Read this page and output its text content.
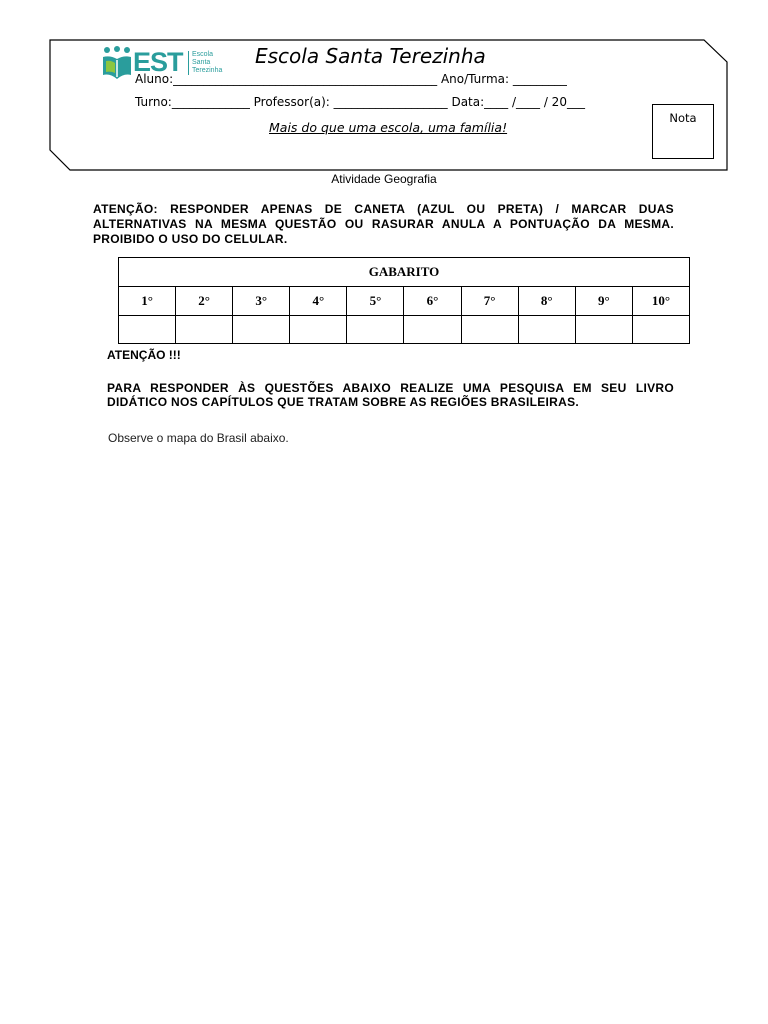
EST Escola
Santa
Terezinha
Escola Santa Terezinha
Aluno:____________________________________________ Ano/Turma: _________
Turno:_____________ Professor(a): ___________________ Data:____ /____ / 20___
Mais do que uma escola, uma família!
Nota
Atividade Geografia
ATENÇÃO: RESPONDER APENAS DE CANETA (AZUL OU PRETA) / MARCAR DUAS ALTERNATIVAS NA MESMA QUESTÃO OU RASURAR ANULA A PONTUAÇÃO DA MESMA. PROIBIDO O USO DO CELULAR.
GABARITO									
1°	2°	3°	4°	5°	6°	7°	8°	9°	10°

ATENÇÃO !!!
PARA RESPONDER ÀS QUESTÕES ABAIXO REALIZE UMA PESQUISA EM SEU LIVRO DIDÁTICO NOS CAPÍTULOS QUE TRATAM SOBRE AS REGIÕES BRASILEIRAS.
Observe o mapa do Brasil abaixo.
